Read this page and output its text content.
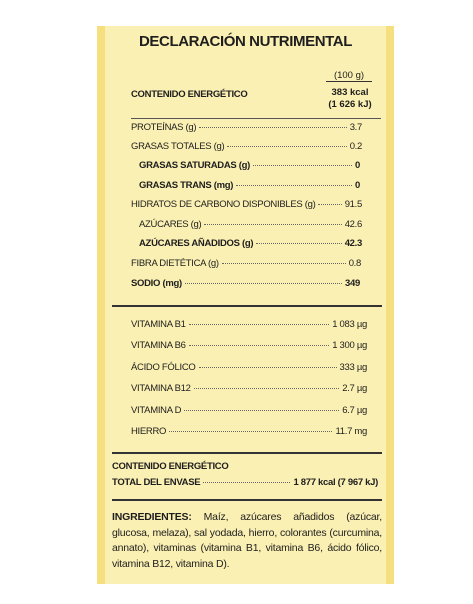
DECLARACIÓN NUTRIMENTAL
(100 g)
CONTENIDO ENERGÉTICO	383 kcal
(1 626 kJ)
PROTEÍNAS (g)	3.7
GRASAS TOTALES (g)	0.2
GRASAS SATURADAS (g)	0
GRASAS TRANS (mg)	0
HIDRATOS DE CARBONO DISPONIBLES (g)	91.5
AZÚCARES (g)	42.6
AZÚCARES AÑADIDOS (g)	42.3
FIBRA DIETÉTICA (g)	0.8
SODIO (mg)	349
VITAMINA B1	1 083 µg
VITAMINA B6	1 300 µg
ÁCIDO FÓLICO	333 µg
VITAMINA B12	2.7 µg
VITAMINA D	6.7 µg
HIERRO	11.7 mg
CONTENIDO ENERGÉTICO
TOTAL DEL ENVASE	1 877 kcal (7 967 kJ)
INGREDIENTES: Maíz, azúcares añadidos (azúcar, glucosa, melaza), sal yodada, hierro, colorantes (curcumina, annato), vitaminas (vitamina B1, vitamina B6, ácido fólico, vitamina B12, vitamina D).
